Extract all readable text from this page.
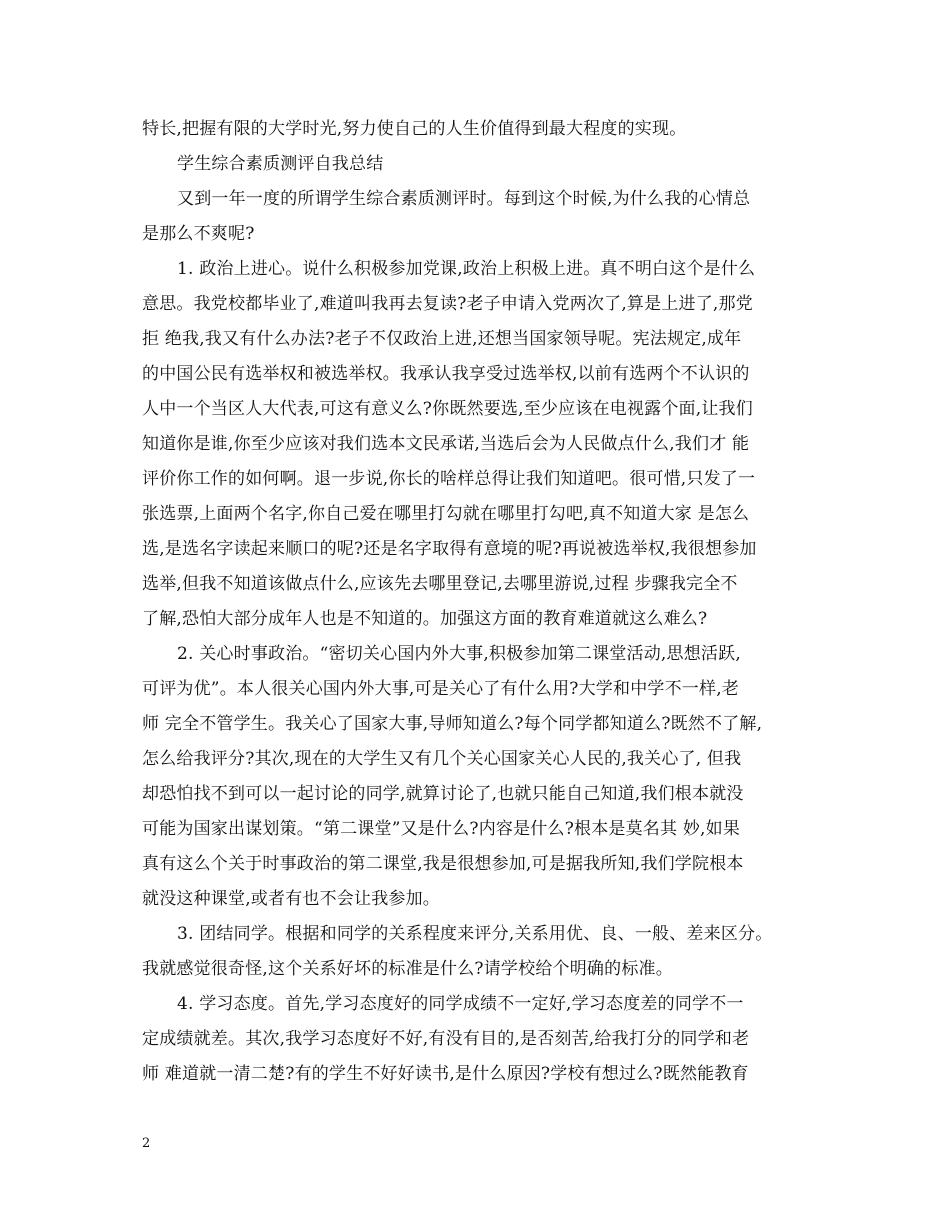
特长,把握有限的大学时光,努力使自己的人生价值得到最大程度的实现。
学生综合素质测评自我总结
又到一年一度的所谓学生综合素质测评时。每到这个时候,为什么我的心情总
是那么不爽呢?
1. 政治上进心。说什么积极参加党课,政治上积极上进。真不明白这个是什么
意思。我党校都毕业了,难道叫我再去复读?老子申请入党两次了,算是上进了,那党
拒 绝我,我又有什么办法?老子不仅政治上进,还想当国家领导呢。宪法规定,成年
的中国公民有选举权和被选举权。我承认我享受过选举权,以前有选两个不认识的
人中一个当区人大代表,可这有意义么?你既然要选,至少应该在电视露个面,让我们
知道你是谁,你至少应该对我们选本文民承诺,当选后会为人民做点什么,我们才 能
评价你工作的如何啊。退一步说,你长的啥样总得让我们知道吧。很可惜,只发了一
张选票,上面两个名字,你自己爱在哪里打勾就在哪里打勾吧,真不知道大家 是怎么
选,是选名字读起来顺口的呢?还是名字取得有意境的呢?再说被选举权,我很想参加
选举,但我不知道该做点什么,应该先去哪里登记,去哪里游说,过程 步骤我完全不
了解,恐怕大部分成年人也是不知道的。加强这方面的教育难道就这么难么?
2. 关心时事政治。“密切关心国内外大事,积极参加第二课堂活动,思想活跃,
可评为优”。本人很关心国内外大事,可是关心了有什么用?大学和中学不一样,老
师 完全不管学生。我关心了国家大事,导师知道么?每个同学都知道么?既然不了解,
怎么给我评分?其次,现在的大学生又有几个关心国家关心人民的,我关心了, 但我
却恐怕找不到可以一起讨论的同学,就算讨论了,也就只能自己知道,我们根本就没
可能为国家出谋划策。“第二课堂”又是什么?内容是什么?根本是莫名其 妙,如果
真有这么个关于时事政治的第二课堂,我是很想参加,可是据我所知,我们学院根本
就没这种课堂,或者有也不会让我参加。
3. 团结同学。根据和同学的关系程度来评分,关系用优、良、一般、差来区分。
我就感觉很奇怪,这个关系好坏的标准是什么?请学校给个明确的标准。
4. 学习态度。首先,学习态度好的同学成绩不一定好,学习态度差的同学不一
定成绩就差。其次,我学习态度好不好,有没有目的,是否刻苦,给我打分的同学和老
师 难道就一清二楚?有的学生不好好读书,是什么原因?学校有想过么?既然能教育
2
